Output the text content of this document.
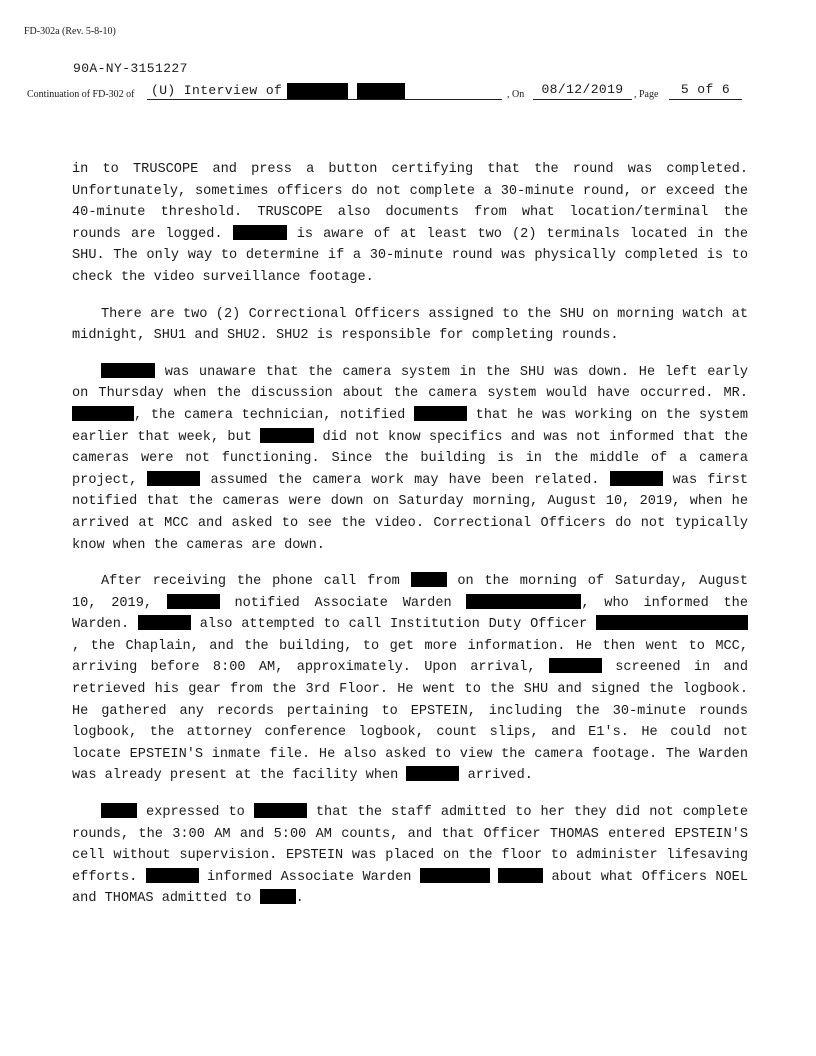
FD-302a (Rev. 5-8-10)
90A-NY-3151227
Continuation of FD-302 of (U) Interview of	, On	08/12/2019	, Page	5 of 6

in to TRUSCOPE and press a button certifying that the round was completed. Unfortunately, sometimes officers do not complete a 30-minute round, or exceed the 40-minute threshold. TRUSCOPE also documents from what location/terminal the rounds are logged.	is aware of at least two (2) terminals located in the SHU. The only way to determine if a 30-minute round was physically completed is to check the video surveillance footage.

There are two (2) Correctional Officers assigned to the SHU on morning watch at midnight, SHU1 and SHU2. SHU2 is responsible for completing rounds.

was unaware that the camera system in the SHU was down. He left early on Thursday when the discussion about the camera system would have occurred. MR. , the camera technician, notified	that he was working on the system earlier that week, but	did not know specifics and was not informed that the cameras were not functioning. Since the building is in the middle of a camera project,	assumed the camera work may have been related.	was first notified that the cameras were down on Saturday morning, August 10, 2019, when he arrived at MCC and asked to see the video. Correctional Officers do not typically know when the cameras are down.

After receiving the phone call from	on the morning of Saturday, August 10, 2019,	notified Associate Warden	, who informed the Warden.	also attempted to call Institution Duty Officer , the Chaplain, and the building, to get more information. He then went to MCC, arriving before 8:00 AM, approximately. Upon arrival,	screened in and retrieved his gear from the 3rd Floor. He went to the SHU and signed the logbook. He gathered any records pertaining to EPSTEIN, including the 30-minute rounds logbook, the attorney conference logbook, count slips, and E1's. He could not locate EPSTEIN'S inmate file. He also asked to view the camera footage. The Warden was already present at the facility when	arrived.

expressed to	that the staff admitted to her they did not complete rounds, the 3:00 AM and 5:00 AM counts, and that Officer THOMAS entered EPSTEIN'S cell without supervision. EPSTEIN was placed on the floor to administer lifesaving efforts.	informed Associate Warden	about what Officers NOEL and THOMAS admitted to	.
